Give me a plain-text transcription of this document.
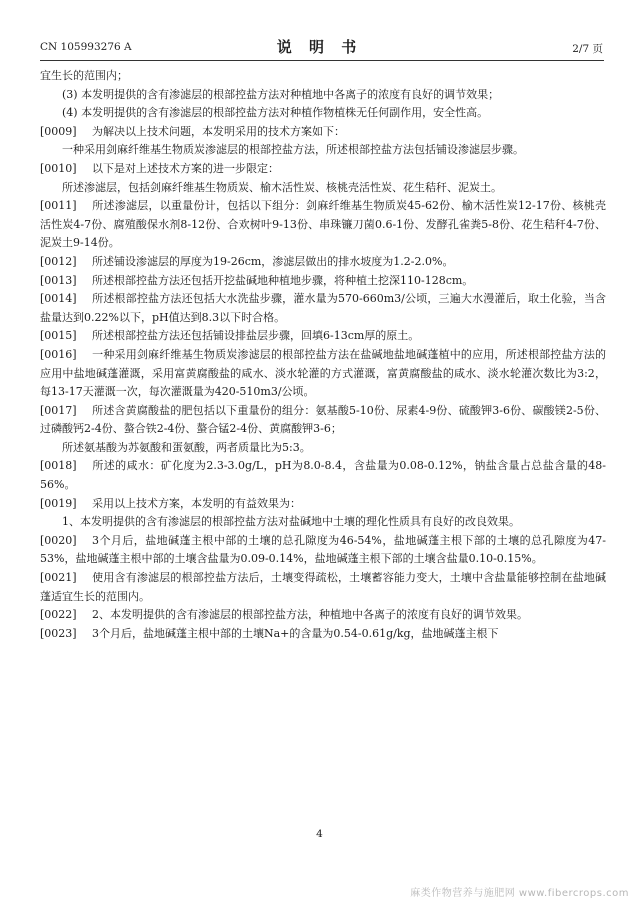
CN 105993276 A	说 明 书	2/7 页

宜生长的范围内；

(3) 本发明提供的含有渗滤层的根部控盐方法对种植地中各离子的浓度有良好的调节效果；

(4) 本发明提供的含有渗滤层的根部控盐方法对种植作物植株无任何副作用，安全性高。

[0009] 为解决以上技术问题，本发明采用的技术方案如下：

一种采用剑麻纤维基生物质炭渗滤层的根部控盐方法，所述根部控盐方法包括铺设渗滤层步骤。

[0010] 以下是对上述技术方案的进一步限定：

所述渗滤层，包括剑麻纤维基生物质炭、榆木活性炭、核桃壳活性炭、花生秸秆、泥炭土。

[0011] 所述渗滤层，以重量份计，包括以下组分：剑麻纤维基生物质炭45-62份、榆木活性炭12-17份、核桃壳活性炭4-7份、腐殖酸保水剂8-12份、合欢树叶9-13份、串珠镰刀菌0.6-1份、发酵孔雀粪5-8份、花生秸秆4-7份、泥炭土9-14份。

[0012] 所述铺设渗滤层的厚度为19-26cm，渗滤层做出的排水坡度为1.2-2.0%。

[0013] 所述根部控盐方法还包括开挖盐碱地种植地步骤，将种植土挖深110-128cm。

[0014] 所述根部控盐方法还包括大水洗盐步骤，灌水量为570-660m3/公顷，三遍大水漫灌后，取土化验，当含盐量达到0.22%以下，pH值达到8.3以下时合格。

[0015] 所述根部控盐方法还包括铺设排盐层步骤，回填6-13cm厚的原土。

[0016] 一种采用剑麻纤维基生物质炭渗滤层的根部控盐方法在盐碱地盐地碱蓬植中的应用，所述根部控盐方法的应用中盐地碱蓬灌溉，采用富黄腐酸盐的咸水、淡水轮灌的方式灌溉，富黄腐酸盐的咸水、淡水轮灌次数比为3:2，每13-17天灌溉一次，每次灌溉量为420-510m3/公顷。

[0017] 所述含黄腐酸盐的肥包括以下重量份的组分：氨基酸5-10份、尿素4-9份、硫酸钾3-6份、碳酸镁2-5份、过磷酸钙2-4份、螯合铁2-4份、螯合锰2-4份、黄腐酸钾3-6；

所述氨基酸为苏氨酸和蛋氨酸，两者质量比为5:3。

[0018] 所述的咸水：矿化度为2.3-3.0g/L，pH为8.0-8.4，含盐量为0.08-0.12%，钠盐含量占总盐含量的48-56%。

[0019] 采用以上技术方案，本发明的有益效果为：

1、本发明提供的含有渗滤层的根部控盐方法对盐碱地中土壤的理化性质具有良好的改良效果。

[0020] 3个月后，盐地碱蓬主根中部的土壤的总孔隙度为46-54%，盐地碱蓬主根下部的土壤的总孔隙度为47-53%，盐地碱蓬主根中部的土壤含盐量为0.09-0.14%，盐地碱蓬主根下部的土壤含盐量0.10-0.15%。

[0021] 使用含有渗滤层的根部控盐方法后，土壤变得疏松，土壤蓄容能力变大，土壤中含盐量能够控制在盐地碱蓬适宜生长的范围内。

[0022] 2、本发明提供的含有渗滤层的根部控盐方法，种植地中各离子的浓度有良好的调节效果。

[0023] 3个月后，盐地碱蓬主根中部的土壤Na+的含量为0.54-0.61g/kg，盐地碱蓬主根下

4
麻类作物营养与施肥网 www.fibercrops.com
